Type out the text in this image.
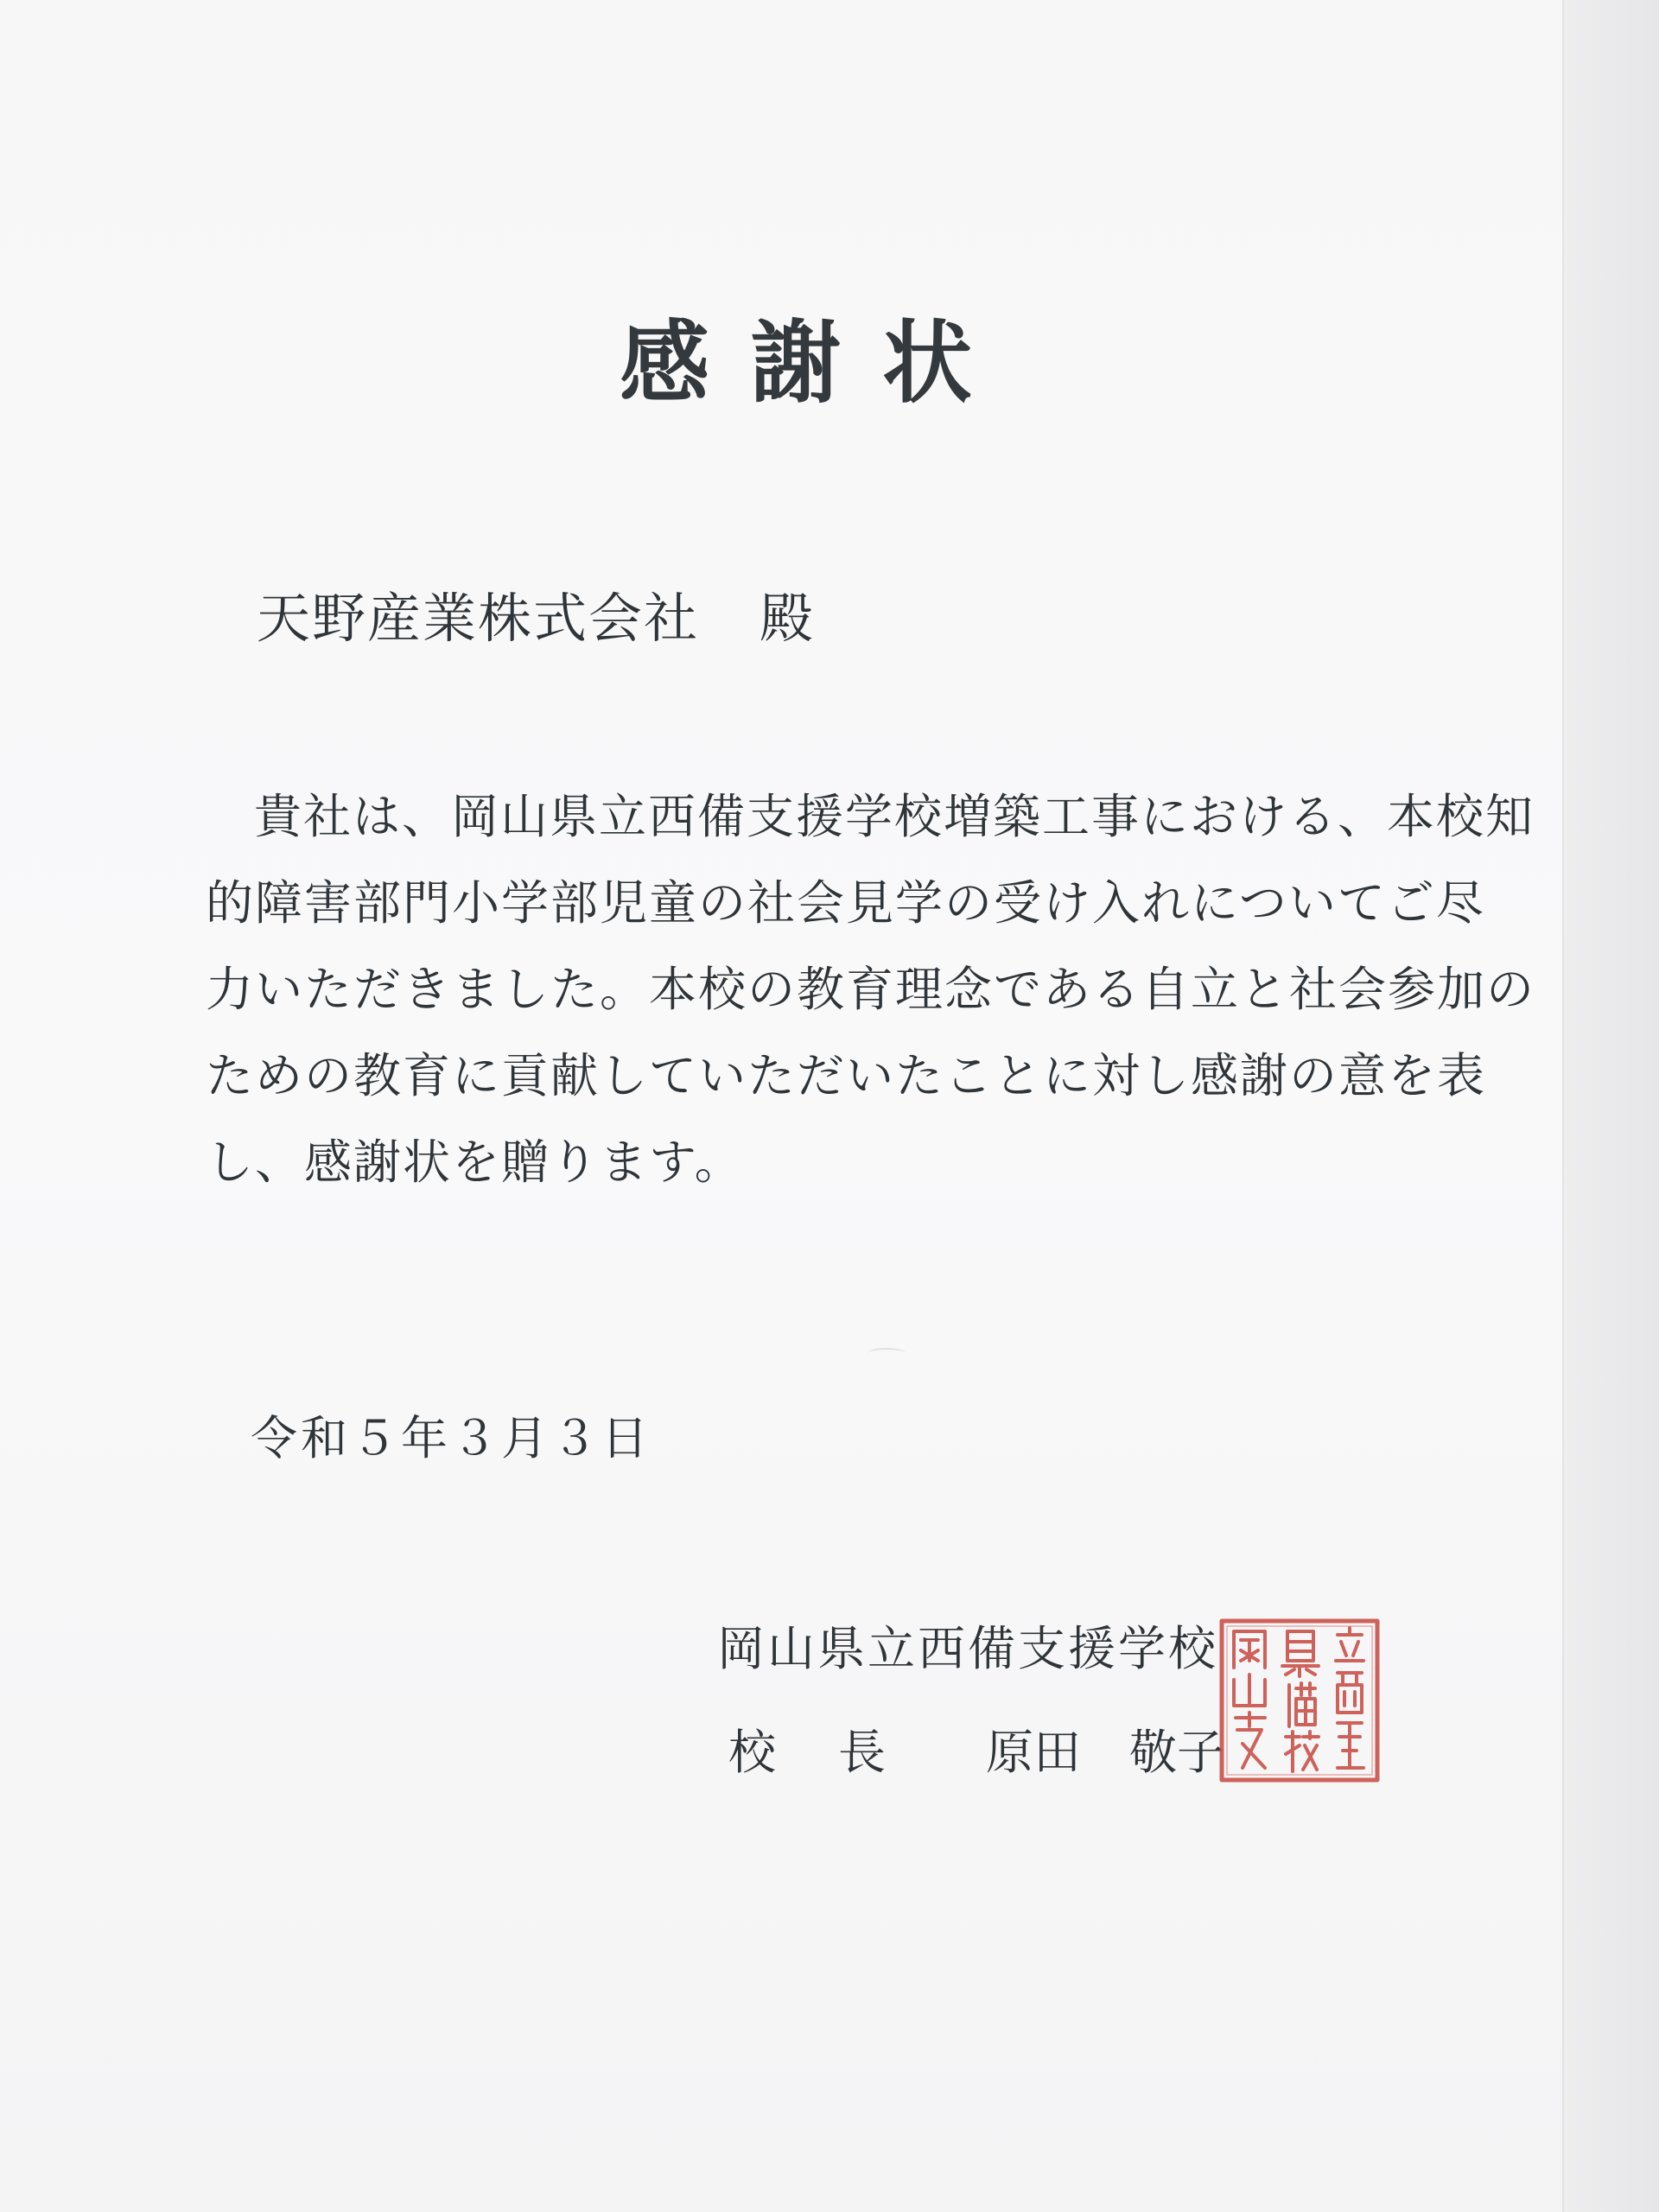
感謝状
天野産業株式会社 殿
貴社は、岡山県立西備支援学校増築工事における、本校知
的障害部門小学部児童の社会見学の受け入れについてご尽
力いただきました。本校の教育理念である自立と社会参加の
ための教育に貢献していただいたことに対し感謝の意を表
し、感謝状を贈ります。
令和５年３月３日
岡山県立西備支援学校
校 長 原田 敬子
